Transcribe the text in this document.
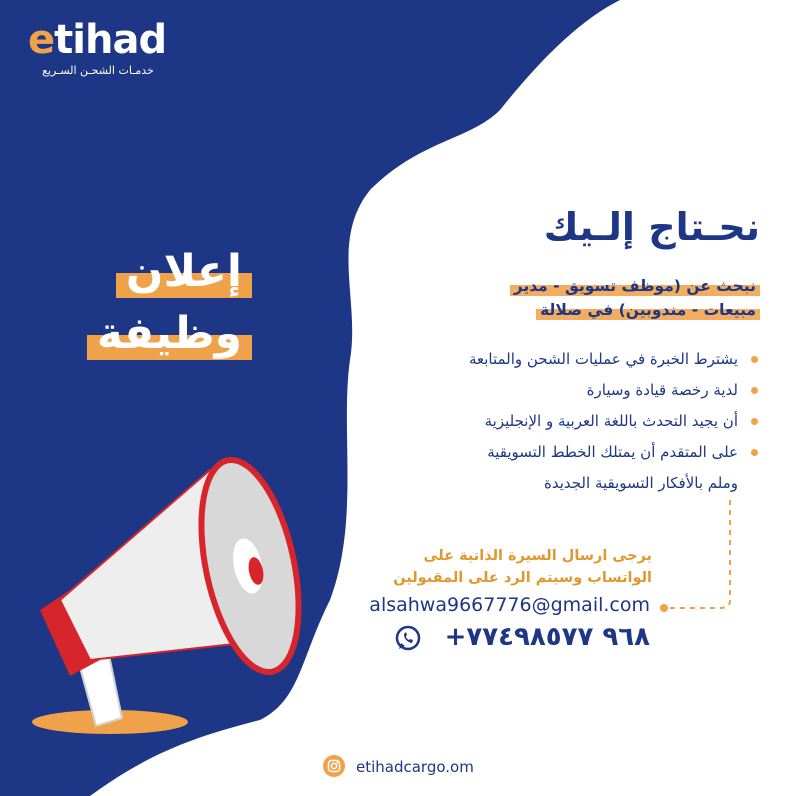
etihad
خدمـات الشحـن السـريع
إعلان
وظيفة
نحـتاج إلـيك
نبحث عن (موظف تسويق - مدير
مبيعات - مندوبين) في صلالة
يشترط الخبرة في عمليات الشحن والمتابعة
لدية رخصة قيادة وسيارة
أن يجيد التحدث باللغة العربية و الإنجليزية
على المتقدم أن يمتلك الخطط التسويقية
وملم بالأفكار التسويقية الجديدة
يرجى ارسال السيرة الذاتية على
الواتساب وسيتم الرد على المقبولين
alsahwa9667776@gmail.com
+٩٦٨ ٧٧٤٩٨٥٧٧
etihadcargo.om
